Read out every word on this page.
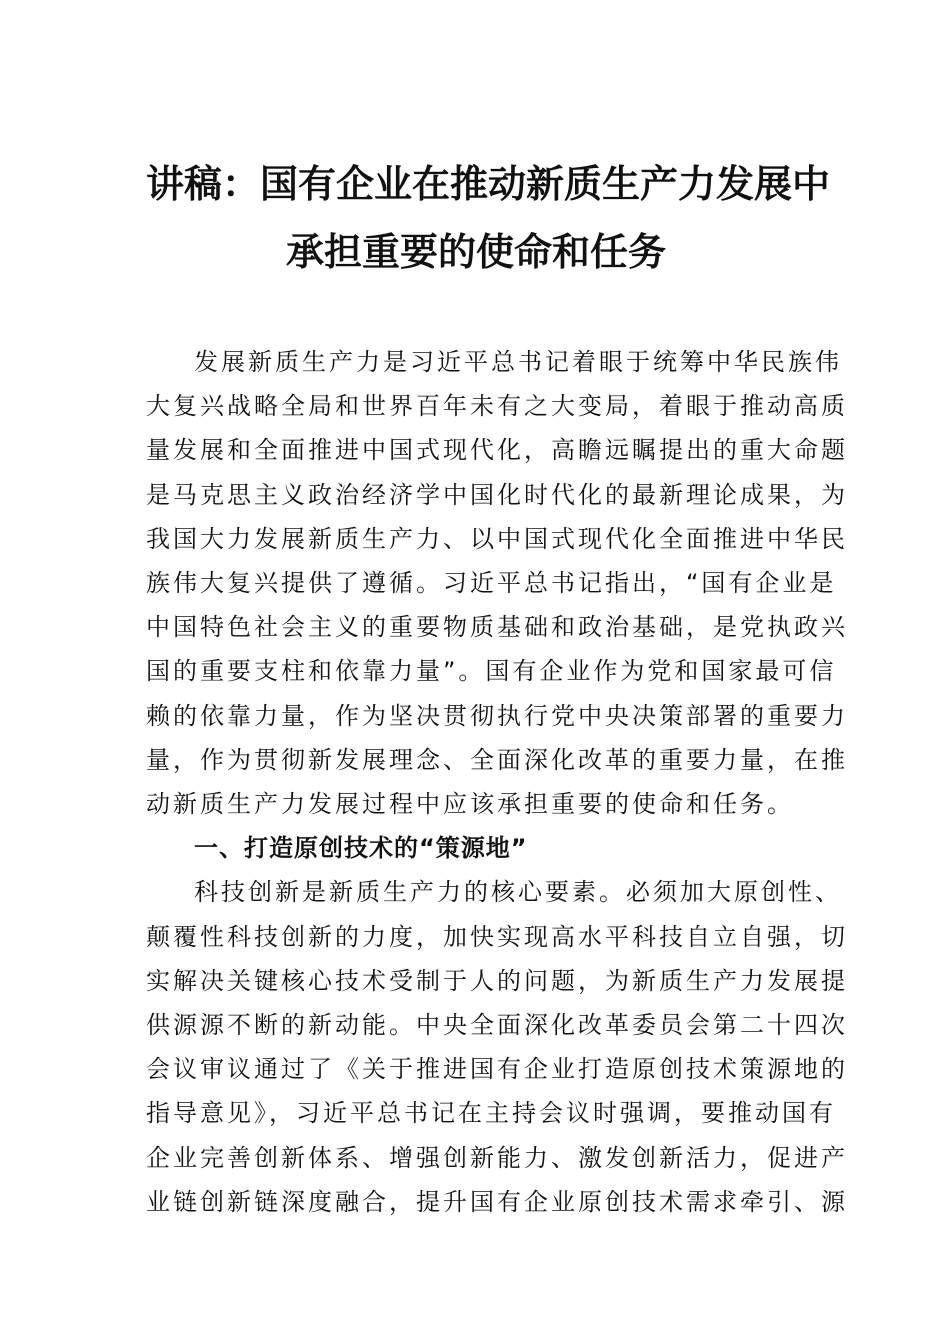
讲稿：国有企业在推动新质生产力发展中
承担重要的使命和任务

发展新质生产力是习近平总书记着眼于统筹中华民族伟
大复兴战略全局和世界百年未有之大变局，着眼于推动高质
量发展和全面推进中国式现代化，高瞻远瞩提出的重大命题
是马克思主义政治经济学中国化时代化的最新理论成果，为
我国大力发展新质生产力、以中国式现代化全面推进中华民
族伟大复兴提供了遵循。习近平总书记指出，“国有企业是
中国特色社会主义的重要物质基础和政治基础，是党执政兴
国的重要支柱和依靠力量”。国有企业作为党和国家最可信
赖的依靠力量，作为坚决贯彻执行党中央决策部署的重要力
量，作为贯彻新发展理念、全面深化改革的重要力量，在推
动新质生产力发展过程中应该承担重要的使命和任务。

一、打造原创技术的“策源地”

科技创新是新质生产力的核心要素。必须加大原创性、
颠覆性科技创新的力度，加快实现高水平科技自立自强，切
实解决关键核心技术受制于人的问题，为新质生产力发展提
供源源不断的新动能。中央全面深化改革委员会第二十四次
会议审议通过了《关于推进国有企业打造原创技术策源地的
指导意见》，习近平总书记在主持会议时强调，要推动国有
企业完善创新体系、增强创新能力、激发创新活力，促进产
业链创新链深度融合，提升国有企业原创技术需求牵引、源
